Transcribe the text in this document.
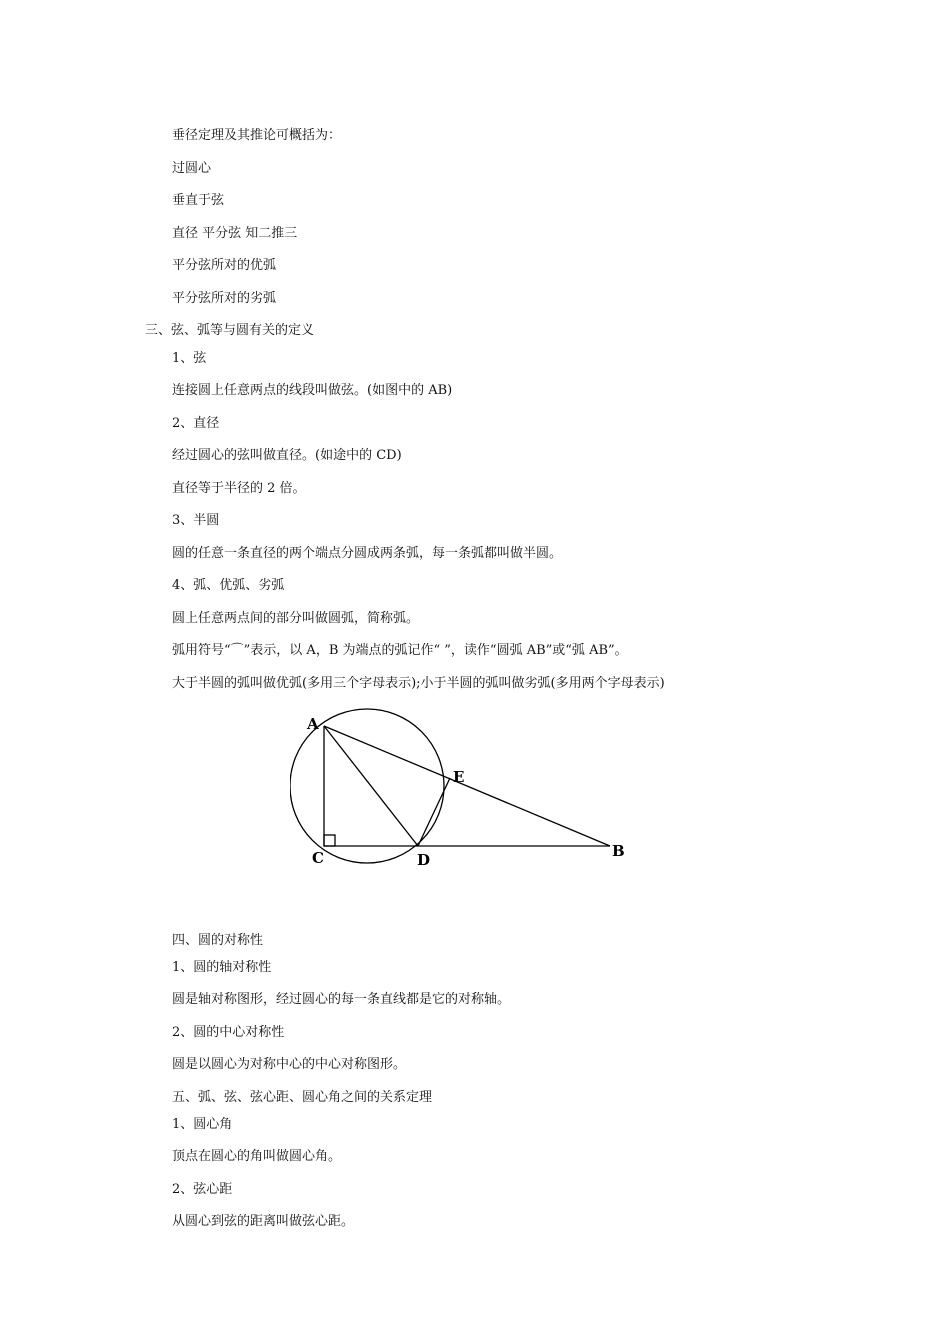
垂径定理及其推论可概括为：
过圆心
垂直于弦
直径 平分弦 知二推三
平分弦所对的优弧
平分弦所对的劣弧
三、弦、弧等与圆有关的定义
1、弦
连接圆上任意两点的线段叫做弦。(如图中的 AB)
2、直径
经过圆心的弦叫做直径。(如途中的 CD)
直径等于半径的 2 倍。
3、半圆
圆的任意一条直径的两个端点分圆成两条弧，每一条弧都叫做半圆。
4、弧、优弧、劣弧
圆上任意两点间的部分叫做圆弧，简称弧。
弧用符号“⌒”表示，以 A，B 为端点的弧记作“ ”，读作“圆弧 AB”或“弧 AB”。
大于半圆的弧叫做优弧(多用三个字母表示);小于半圆的弧叫做劣弧(多用两个字母表示)
A
E
C	D	B
四、圆的对称性
1、圆的轴对称性
圆是轴对称图形，经过圆心的每一条直线都是它的对称轴。
2、圆的中心对称性
圆是以圆心为对称中心的中心对称图形。
五、弧、弦、弦心距、圆心角之间的关系定理
1、圆心角
顶点在圆心的角叫做圆心角。
2、弦心距
从圆心到弦的距离叫做弦心距。
